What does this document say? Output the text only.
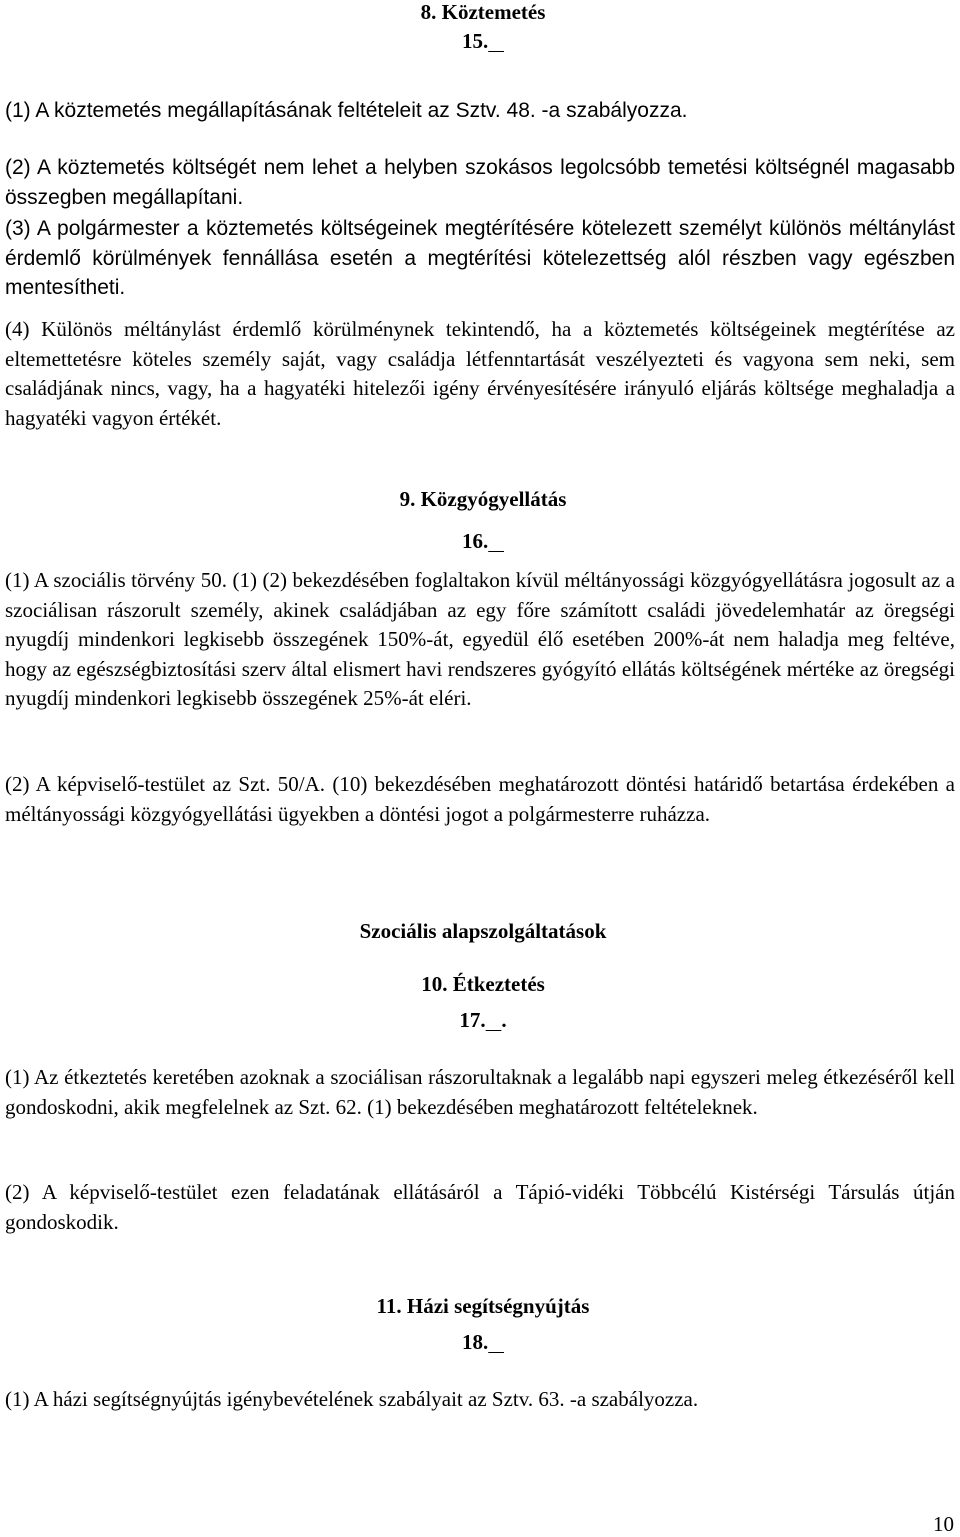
8. Köztemetés
15.

(1) A köztemetés megállapításának feltételeit az Sztv. 48. -a szabályozza.

(2) A köztemetés költségét nem lehet a helyben szokásos legolcsóbb temetési költségnél magasabb összegben megállapítani.

(3) A polgármester a köztemetés költségeinek megtérítésére kötelezett személyt különös méltánylást érdemlő körülmények fennállása esetén a megtérítési kötelezettség alól részben vagy egészben mentesítheti.

(4) Különös méltánylást érdemlő körülménynek tekintendő, ha a köztemetés költségeinek megtérítése az eltemettetésre köteles személy saját, vagy családja létfenntartását veszélyezteti és vagyona sem neki, sem családjának nincs, vagy, ha a hagyatéki hitelezői igény érvényesítésére irányuló eljárás költsége meghaladja a hagyatéki vagyon értékét.

9. Közgyógyellátás
16.

(1) A szociális törvény 50. (1) (2) bekezdésében foglaltakon kívül méltányossági közgyógyellátásra jogosult az a szociálisan rászorult személy, akinek családjában az egy főre számított családi jövedelemhatár az öregségi nyugdíj mindenkori legkisebb összegének 150%-át, egyedül élő esetében 200%-át nem haladja meg feltéve, hogy az egészségbiztosítási szerv által elismert havi rendszeres gyógyító ellátás költségének mértéke az öregségi nyugdíj mindenkori legkisebb összegének 25%-át eléri.

(2) A képviselő-testület az Szt. 50/A. (10) bekezdésében meghatározott döntési határidő betartása érdekében a méltányossági közgyógyellátási ügyekben a döntési jogot a polgármesterre ruházza.

Szociális alapszolgáltatások
10. Étkeztetés
17. .

(1) Az étkeztetés keretében azoknak a szociálisan rászorultaknak a legalább napi egyszeri meleg étkezéséről kell gondoskodni, akik megfelelnek az Szt. 62. (1) bekezdésében meghatározott feltételeknek.

(2) A képviselő-testület ezen feladatának ellátásáról a Tápió-vidéki Többcélú Kistérségi Társulás útján gondoskodik.

11. Házi segítségnyújtás
18.

(1) A házi segítségnyújtás igénybevételének szabályait az Sztv. 63. -a szabályozza.

10
